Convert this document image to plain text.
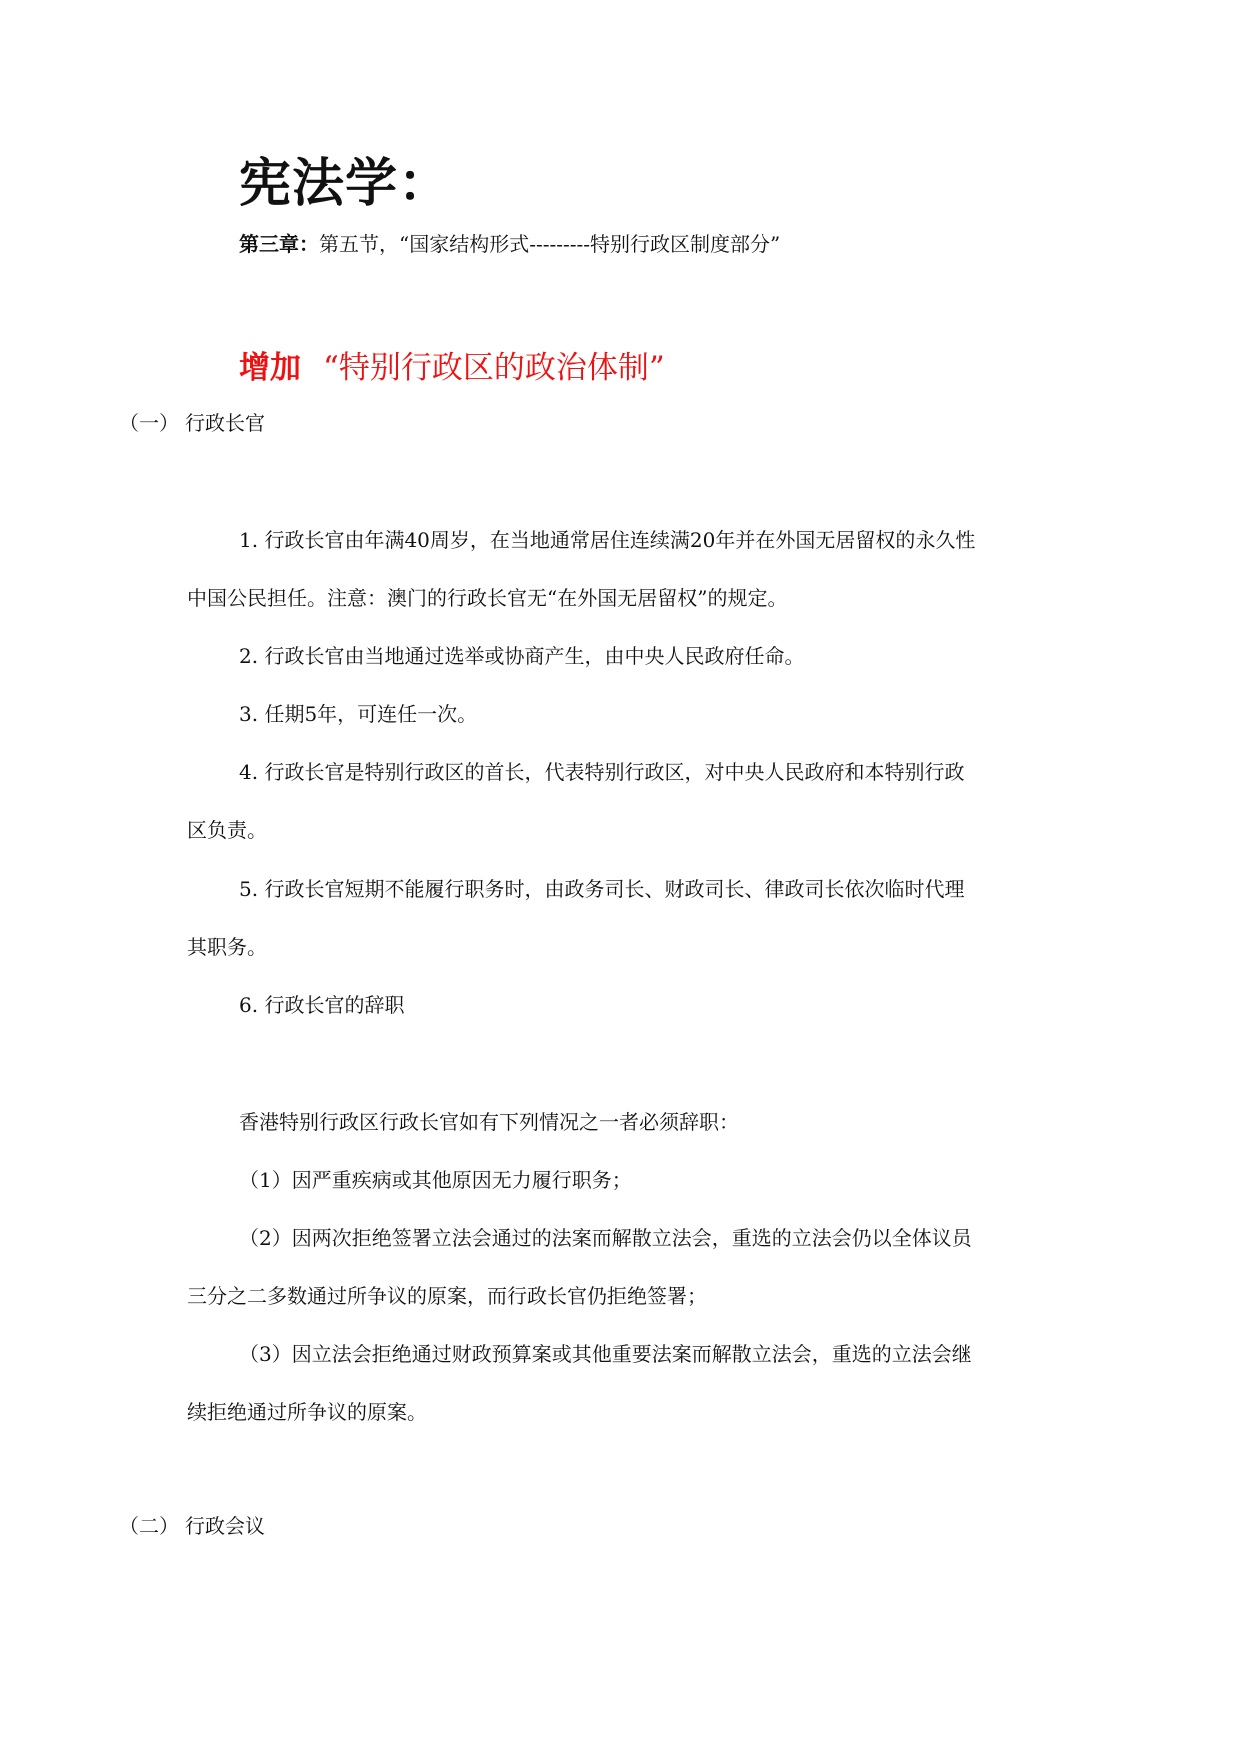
宪法学：
第三章：第五节，“国家结构形式---------特别行政区制度部分”
增加 “特别行政区的政治体制”
（一） 行政长官
1. 行政长官由年满40周岁，在当地通常居住连续满20年并在外国无居留权的永久性
中国公民担任。注意：澳门的行政长官无“在外国无居留权”的规定。
2. 行政长官由当地通过选举或协商产生，由中央人民政府任命。
3. 任期5年，可连任一次。
4. 行政长官是特别行政区的首长，代表特别行政区，对中央人民政府和本特别行政
区负责。
5. 行政长官短期不能履行职务时，由政务司长、财政司长、律政司长依次临时代理
其职务。
6. 行政长官的辞职
香港特别行政区行政长官如有下列情况之一者必须辞职：
（1）因严重疾病或其他原因无力履行职务；
（2）因两次拒绝签署立法会通过的法案而解散立法会，重选的立法会仍以全体议员
三分之二多数通过所争议的原案，而行政长官仍拒绝签署；
（3）因立法会拒绝通过财政预算案或其他重要法案而解散立法会，重选的立法会继
续拒绝通过所争议的原案。
（二） 行政会议
